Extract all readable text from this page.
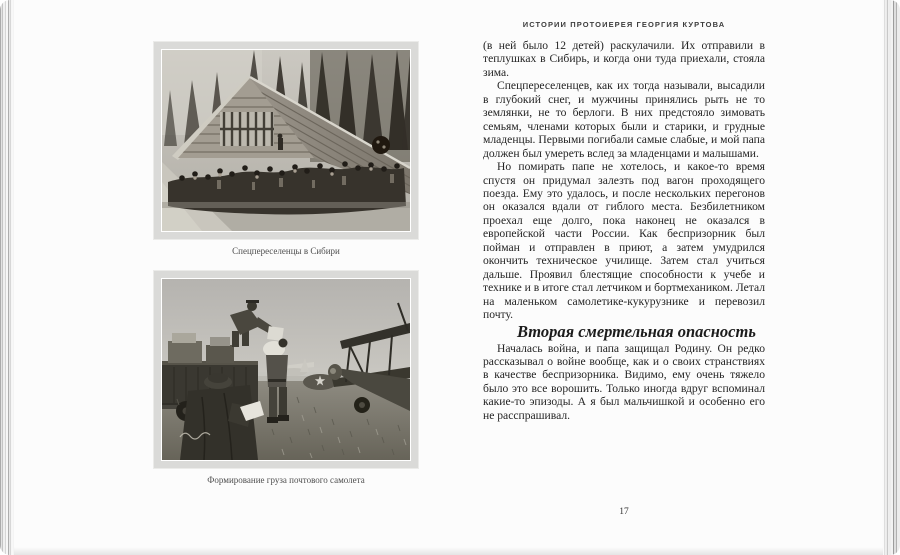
ИСТОРИИ ПРОТОИЕРЕЯ ГЕОРГИЯ КУРТОВА
Спецпереселенцы в Сибири
Формирование груза почтового самолета

(в ней было 12 детей) раскулачили. Их отправили в теплушках в Сибирь, и когда они туда приехали, стояла зима.

Спецпереселенцев, как их тогда называли, высадили в глубокий снег, и мужчины принялись рыть не то землянки, не то берлоги. В них предстояло зимовать семьям, членами которых были и старики, и грудные младенцы. Первыми погибали самые слабые, и мой папа должен был умереть вслед за младенцами и малышами.

Но помирать папе не хотелось, и какое-то время спустя он придумал залезть под вагон проходящего поезда. Ему это удалось, и после нескольких перегонов он оказался вдали от гиблого места. Безбилетником проехал еще долго, пока наконец не оказался в европейской части России. Как беспризорник был пойман и отправлен в приют, а затем умудрился окончить техническое училище. Затем стал учиться дальше. Проявил блестящие способности к учебе и технике и в итоге стал летчиком и бортмехаником. Летал на маленьком самолетике-кукурузнике и перевозил почту.

Вторая смертельная опасность

Началась война, и папа защищал Родину. Он редко рассказывал о войне вообще, как и о своих странствиях в качестве беспризорника. Видимо, ему очень тяжело было это все ворошить. Только иногда вдруг вспоминал какие-то эпизоды. А я был мальчишкой и особенно его не расспрашивал.

17
